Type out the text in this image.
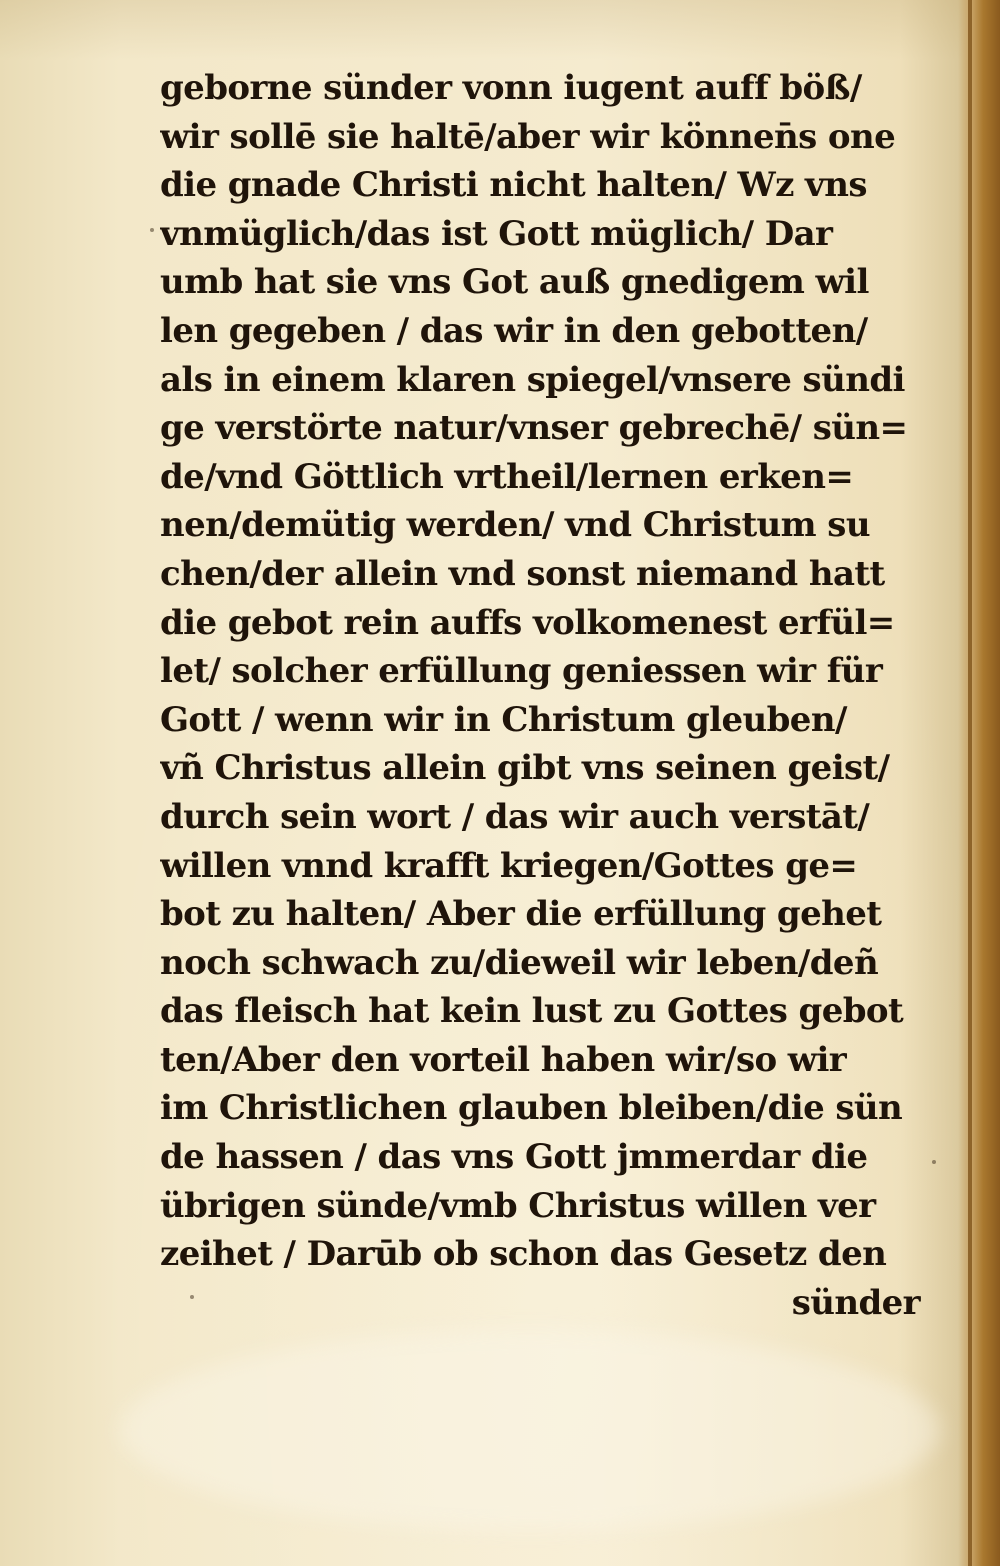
geborne sünder vonn iugent auff böß/
wir sollē sie haltē/aber wir können̄s one
die gnade Christi nicht halten/ Wz vns
vnmüglich/das ist Gott müglich/ Dar
umb hat sie vns Got auß gnedigem wil
len gegeben / das wir in den gebotten/
als in einem klaren spiegel/vnsere sündi
ge verstörte natur/vnser gebrechē/ sün=
de/vnd Göttlich vrtheil/lernen erken=
nen/demütig werden/ vnd Christum su
chen/der allein vnd sonst niemand hatt
die gebot rein auffs volkomenest erfül=
let/ solcher erfüllung geniessen wir für
Gott / wenn wir in Christum gleuben/
vñ Christus allein gibt vns seinen geist/
durch sein wort / das wir auch verstāt/
willen vnnd krafft kriegen/Gottes ge=
bot zu halten/ Aber die erfüllung gehet
noch schwach zu/dieweil wir leben/deñ
das fleisch hat kein lust zu Gottes gebot
ten/Aber den vorteil haben wir/so wir
im Christlichen glauben bleiben/die sün
de hassen / das vns Gott jmmerdar die
übrigen sünde/vmb Christus willen ver
zeihet / Darūb ob schon das Gesetz den
sünder
